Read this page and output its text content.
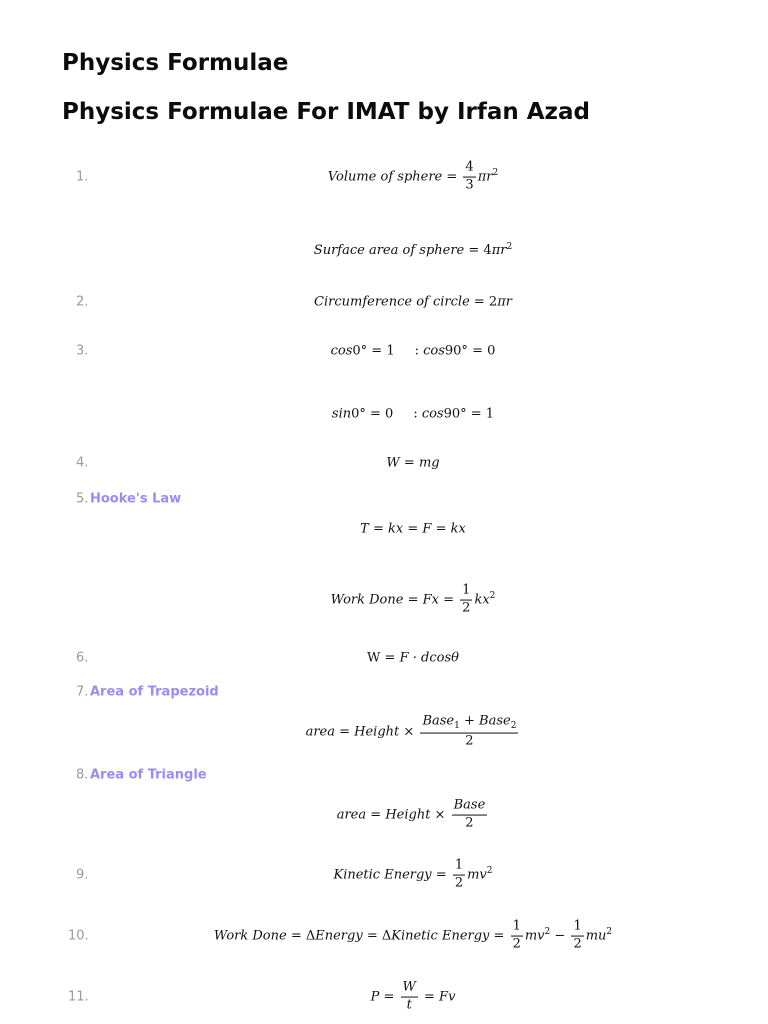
Physics Formulae
Physics Formulae For IMAT by Irfan Azad
1.	Volume of sphere = $\frac{4}{3} \pi r^2$
Surface area of sphere = $4\pi r^2$
2.	Circumference of circle = 2πr
3.	cos0° = 1 : cos90° = 0
sin0° = 0 : cos90° = 1
4.	W = mg
5. Hooke's Law
T = kx = F = kx
Work Done = $Fx = \frac{1}{2} kx^2$
6.	W = F · dcosθ
7. Area of Trapezoid
area = Height × $\frac{Base_1 + Base_2}{2}$
8. Area of Triangle
area = Height × $\frac{\text{Base}}{2}$
9.	Kinetic Energy = $\frac{1}{2} mv^2$
10.	Work Done = ΔEnergy = ΔKinetic Energy = $\frac{1}{2} mv^2 - \frac{1}{2} mu^2$
11.	$P = \frac{W}{t} = Fv$
